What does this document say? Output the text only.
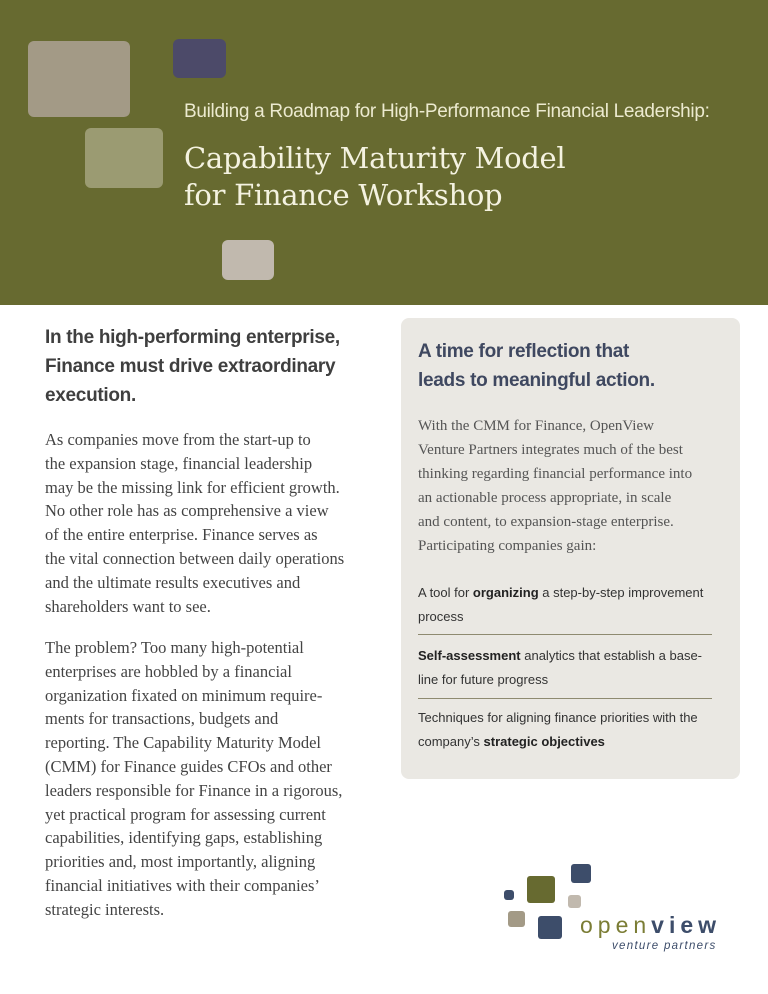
Building a Roadmap for High-Performance Financial Leadership:
Capability Maturity Model
for Finance Workshop
In the high-performing enterprise,
Finance must drive extraordinary
execution.

As companies move from the start-up to
the expansion stage, financial leadership
may be the missing link for efficient growth.
No other role has as comprehensive a view
of the entire enterprise. Finance serves as
the vital connection between daily operations
and the ultimate results executives and
shareholders want to see.

The problem? Too many high-potential
enterprises are hobbled by a financial
organization fixated on minimum require-
ments for transactions, budgets and
reporting. The Capability Maturity Model
(CMM) for Finance guides CFOs and other
leaders responsible for Finance in a rigorous,
yet practical program for assessing current
capabilities, identifying gaps, establishing
priorities and, most importantly, aligning
financial initiatives with their companies’
strategic interests.

A time for reflection that
leads to meaningful action.

With the CMM for Finance, OpenView
Venture Partners integrates much of the best
thinking regarding financial performance into
an actionable process appropriate, in scale
and content, to expansion-stage enterprise.
Participating companies gain:

A tool for organizing a step-by-step improvement
process
Self-assessment analytics that establish a base-
line for future progress
Techniques for aligning finance priorities with the
company’s strategic objectives
openview
venture partners
